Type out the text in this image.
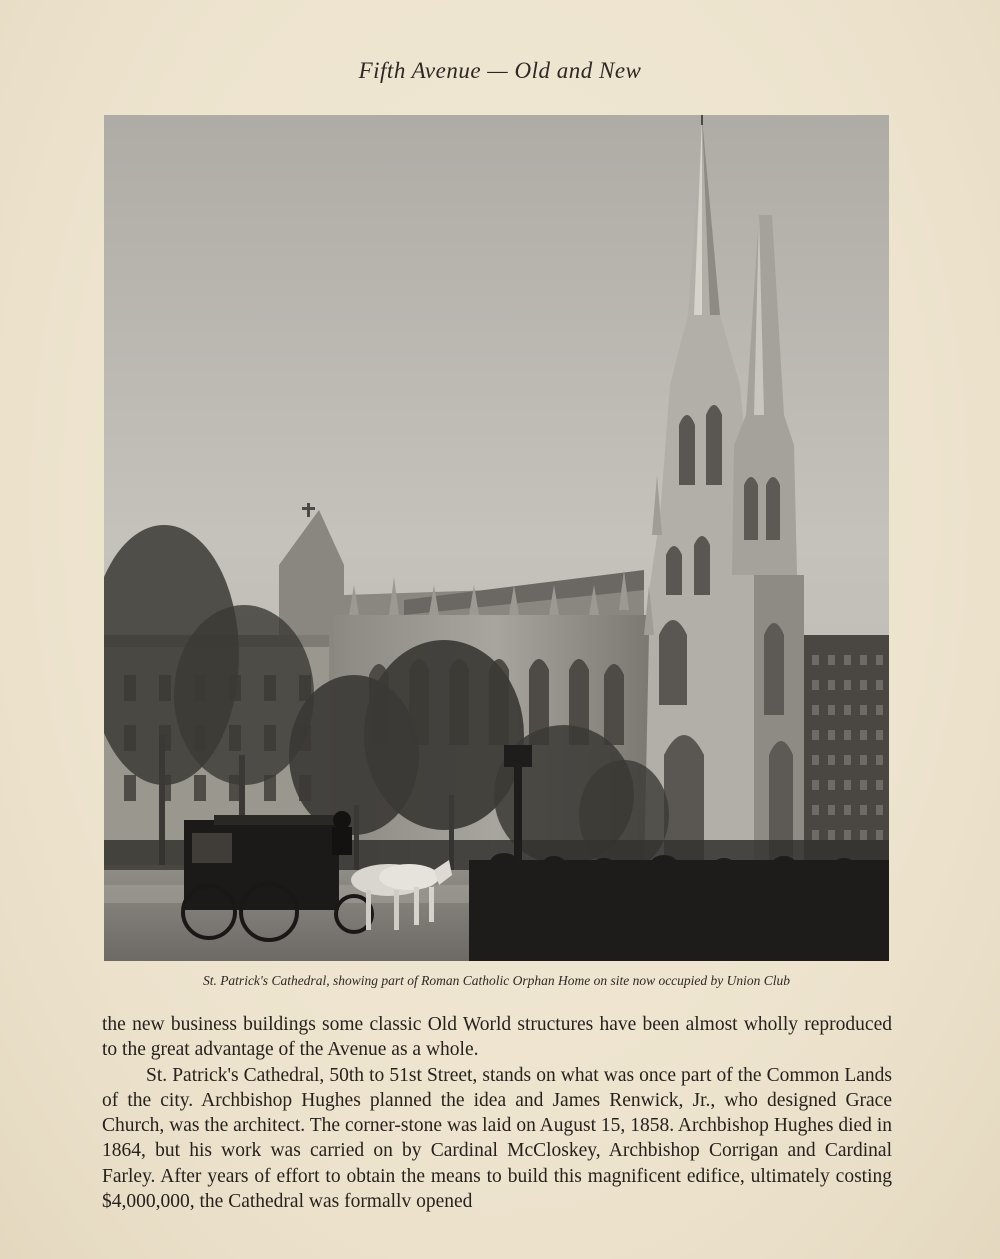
Fifth Avenue — Old and New
St. Patrick's Cathedral, showing part of Roman Catholic Orphan Home on site now occupied by Union Club

the new business buildings some classic Old World structures have been almost wholly reproduced to the great advantage of the Avenue as a whole.

St. Patrick's Cathedral, 50th to 51st Street, stands on what was once part of the Common Lands of the city. Archbishop Hughes planned the idea and James Renwick, Jr., who designed Grace Church, was the architect. The corner-stone was laid on August 15, 1858. Archbishop Hughes died in 1864, but his work was carried on by Cardinal McCloskey, Archbishop Corrigan and Cardinal Farley. After years of effort to obtain the means to build this magnificent edifice, ultimately costing $4,000,000, the Cathedral was formallv opened
